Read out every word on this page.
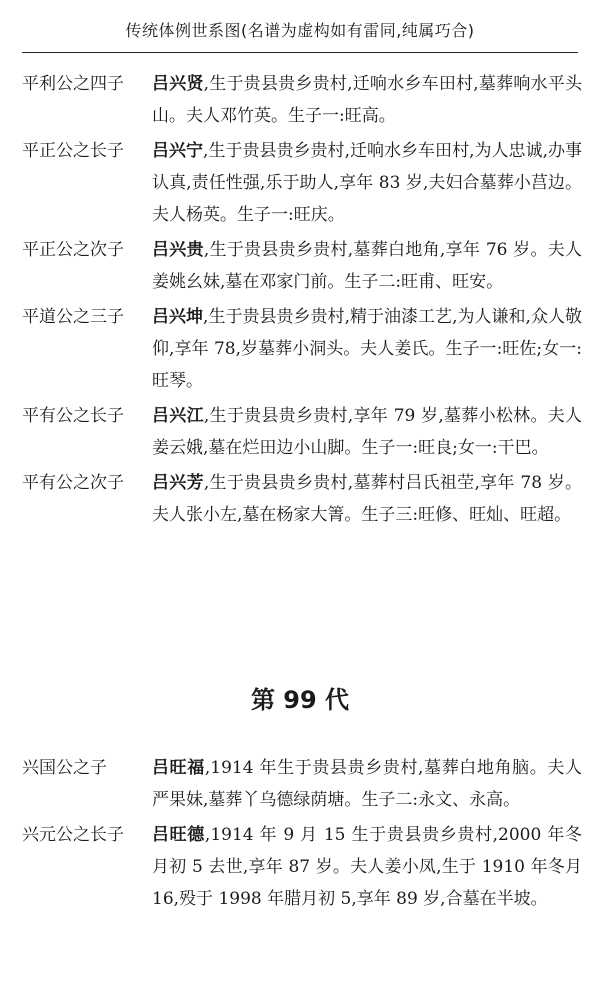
传统体例世系图(名谱为虚构如有雷同,纯属巧合)
平利公之四子	吕兴贤,生于贵县贵乡贵村,迁响水乡车田村,墓葬响水平头山。夫人邓竹英。生子一:旺高。
平正公之长子	吕兴宁,生于贵县贵乡贵村,迁响水乡车田村,为人忠诚,办事认真,责任性强,乐于助人,享年 83 岁,夫妇合墓葬小莒边。夫人杨英。生子一:旺庆。
平正公之次子	吕兴贵,生于贵县贵乡贵村,墓葬白地角,享年 76 岁。夫人姜姚幺妹,墓在邓家门前。生子二:旺甫、旺安。
平道公之三子	吕兴坤,生于贵县贵乡贵村,精于油漆工艺,为人谦和,众人敬仰,享年 78,岁墓葬小洞头。夫人姜氏。生子一:旺佐;女一:旺琴。
平有公之长子	吕兴江,生于贵县贵乡贵村,享年 79 岁,墓葬小松林。夫人姜云娥,墓在烂田边小山脚。生子一:旺良;女一:干巴。
平有公之次子	吕兴芳,生于贵县贵乡贵村,墓葬村吕氏祖茔,享年 78 岁。夫人张小左,墓在杨家大箐。生子三:旺修、旺灿、旺超。
第 99 代
兴国公之子	吕旺福,1914 年生于贵县贵乡贵村,墓葬白地角脑。夫人严果妹,墓葬丫乌德绿荫塘。生子二:永文、永高。
兴元公之长子	吕旺德,1914 年 9 月 15 生于贵县贵乡贵村,2000 年冬月初 5 去世,享年 87 岁。夫人姜小凤,生于 1910 年冬月 16,殁于 1998 年腊月初 5,享年 89 岁,合墓在半坡。
